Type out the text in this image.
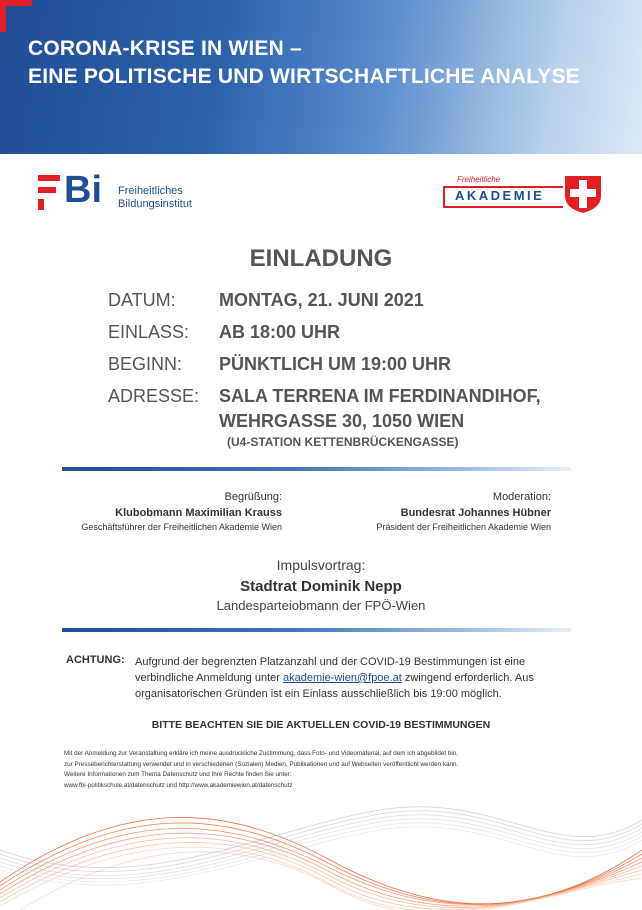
CORONA-KRISE IN WIEN –
EINE POLITISCHE UND WIRTSCHAFTLICHE ANALYSE
Bi Freiheitliches
Bildungsinstitut
Freiheitliche
AKADEMIE
EINLADUNG
DATUM: MONTAG, 21. JUNI 2021
EINLASS: AB 18:00 UHR
BEGINN: PÜNKTLICH UM 19:00 UHR
ADRESSE: SALA TERRENA IM FERDINANDIHOF,
WEHRGASSE 30, 1050 WIEN
(U4-STATION KETTENBRÜCKENGASSE)
Begrüßung:
Klubobmann Maximilian Krauss
Geschäftsführer der Freiheitlichen Akademie Wien
Moderation:
Bundesrat Johannes Hübner
Präsident der Freiheitlichen Akademie Wien
Impulsvortrag:
Stadtrat Dominik Nepp
Landesparteiobmann der FPÖ-Wien
ACHTUNG: Aufgrund der begrenzten Platzanzahl und der COVID-19 Bestimmungen ist eine verbindliche Anmeldung unter akademie-wien@fpoe.at zwingend erforderlich. Aus organisatorischen Gründen ist ein Einlass ausschließlich bis 19:00 möglich.
BITTE BEACHTEN SIE DIE AKTUELLEN COVID-19 BESTIMMUNGEN
Mit der Anmeldung zur Veranstaltung erkläre ich meine ausdrückliche Zustimmung, dass Foto- und Videomaterial, auf dem ich abgebildet bin,
zur Presseberichterstattung verwendet und in verschiedenen (Sozialen) Medien, Publikationen und auf Webseiten veröffentlicht werden kann.
Weitere Informationen zum Thema Datenschutz und Ihre Rechte finden Sie unter:
www.fbi-politikschule.at/datenschutz und http://www.akademiewien.at/datenschutz
